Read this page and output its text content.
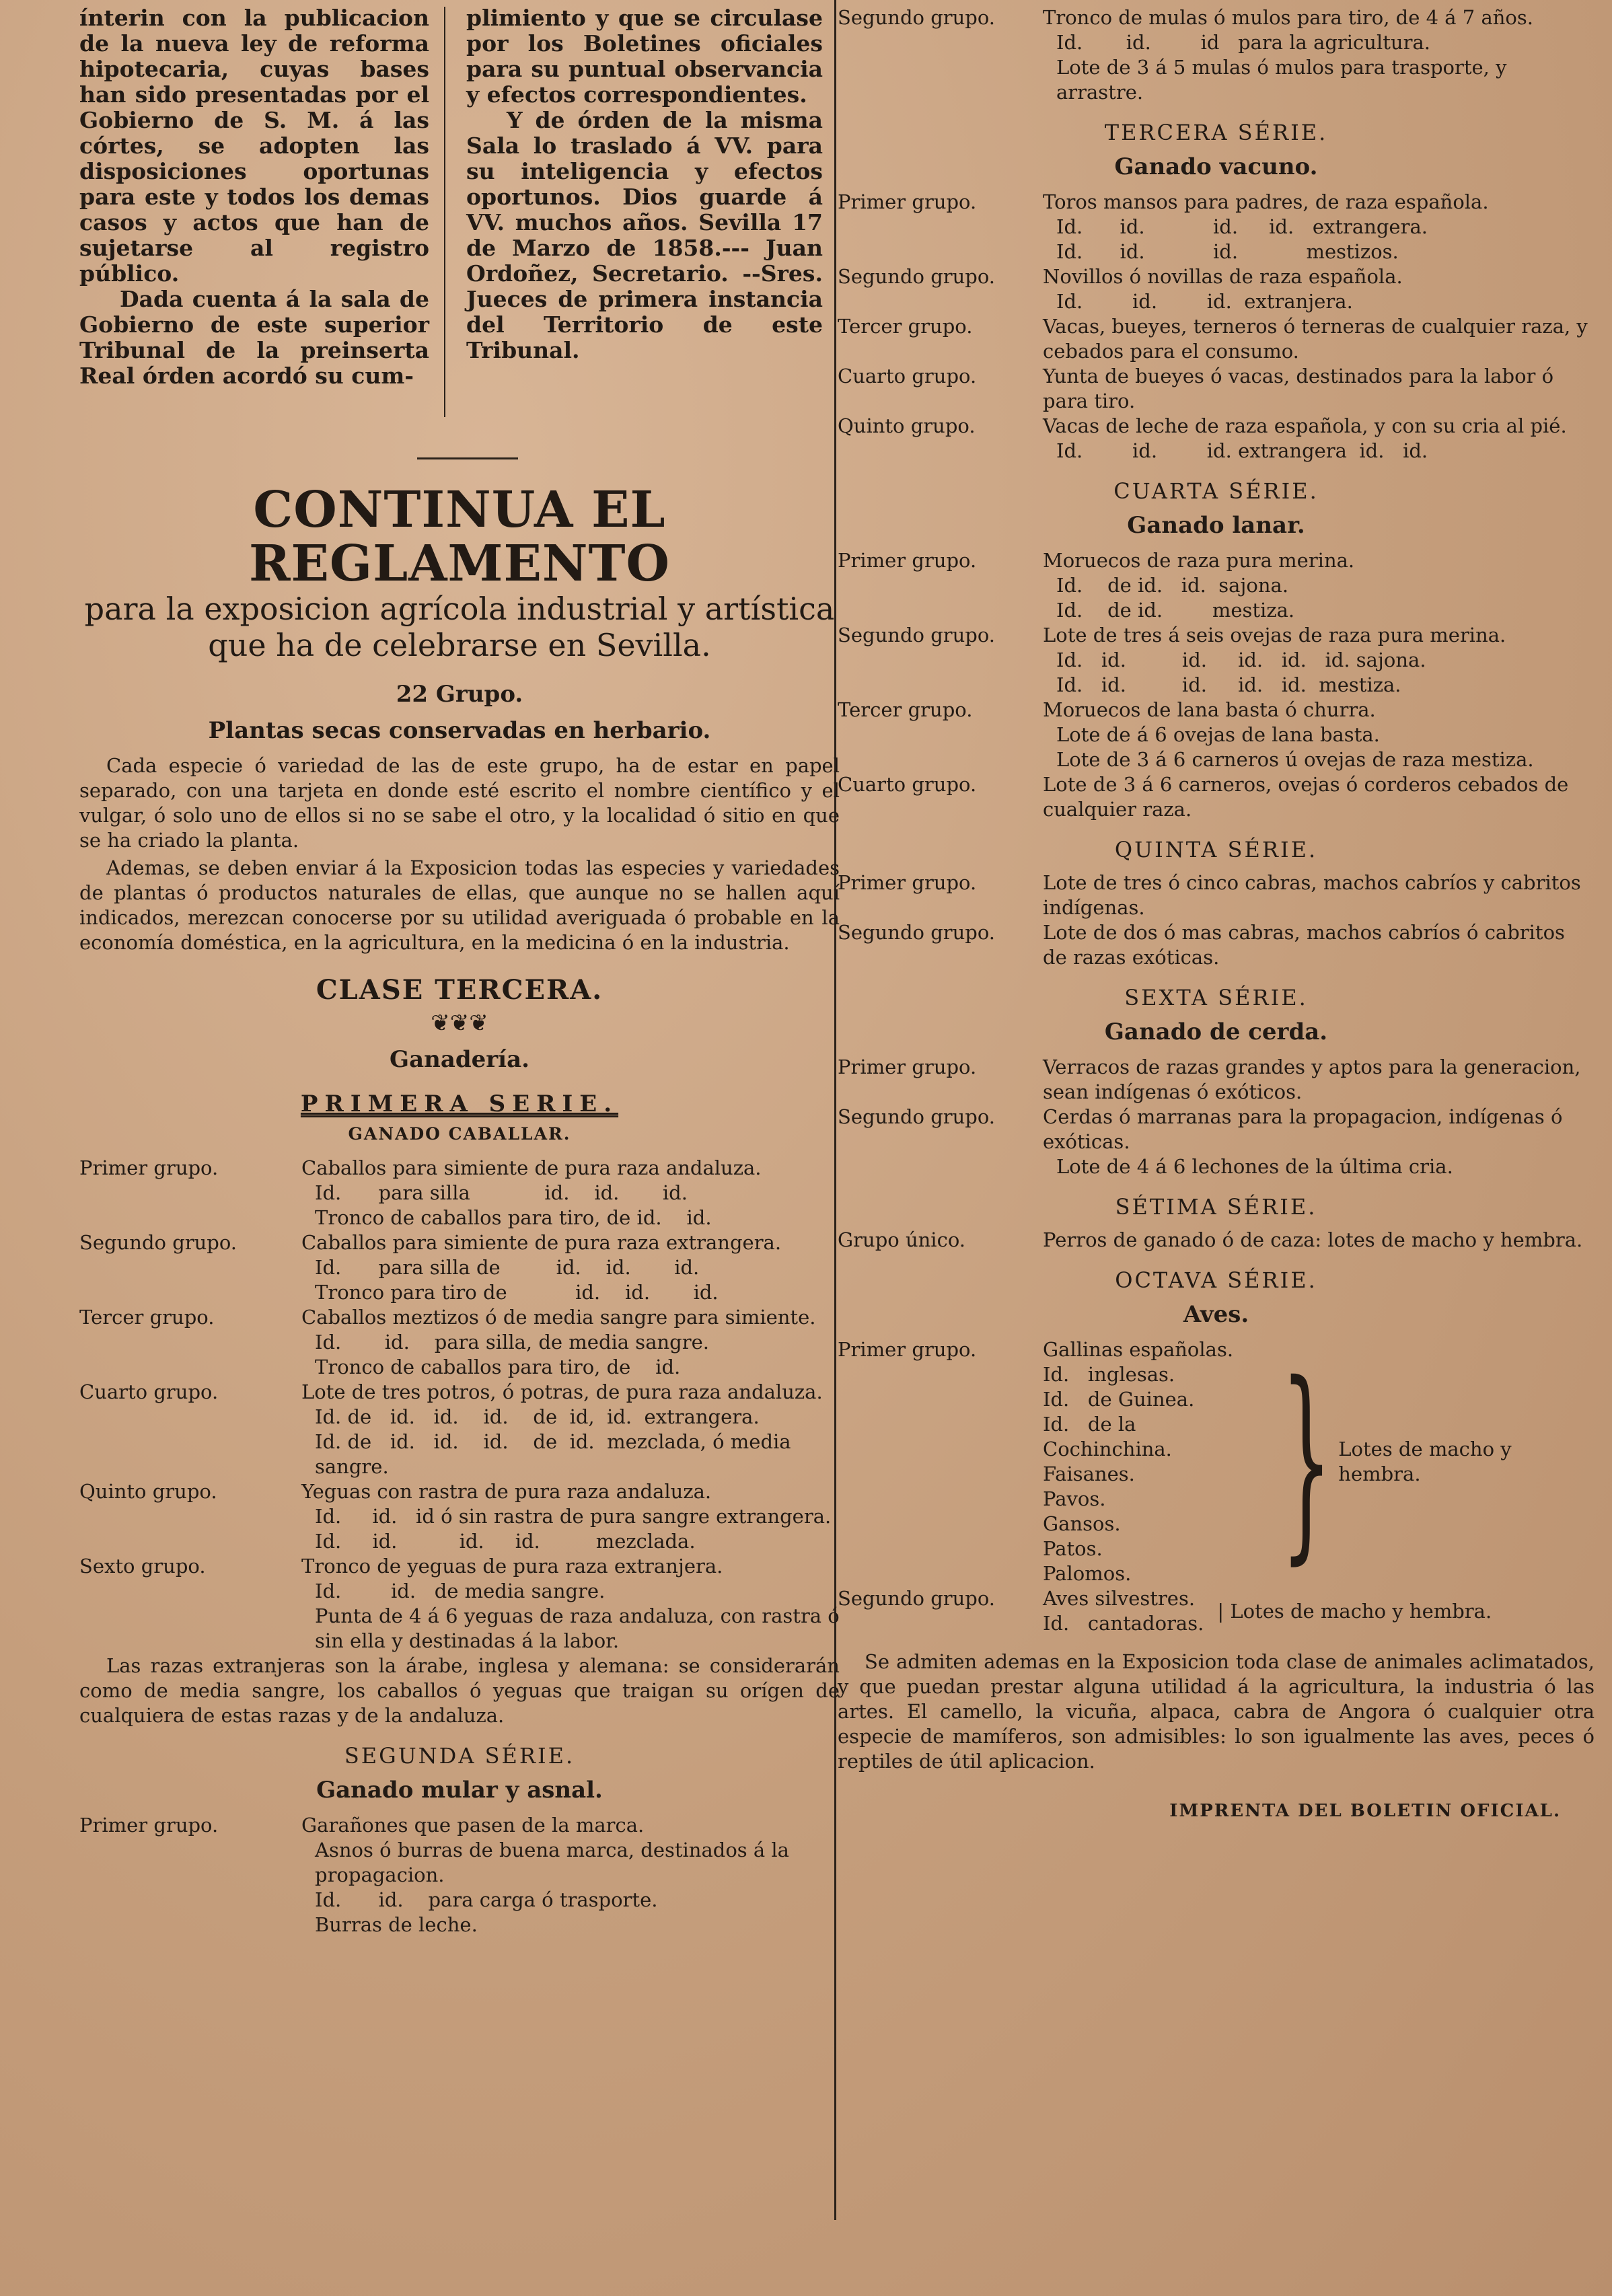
ínterin con la publicacion de la nueva ley de reforma hipotecaria, cuyas bases han sido presentadas por el Gobierno de S. M. á las córtes, se adopten las disposiciones oportunas para este y todos los demas casos y actos que han de sujetarse al registro público.

Dada cuenta á la sala de Gobierno de este superior Tribunal de la preinserta Real órden acordó su cum-

plimiento y que se circulase por los Boletines oficiales para su puntual observancia y efectos correspondientes.

Y de órden de la misma Sala lo traslado á VV. para su inteligencia y efectos oportunos. Dios guarde á VV. muchos años. Sevilla 17 de Marzo de 1858.--- Juan Ordoñez, Secretario. --Sres. Jueces de primera instancia del Territorio de este Tribunal.

CONTINUA EL REGLAMENTO
para la exposicion agrícola industrial y artística que ha de celebrarse en Sevilla.
22 Grupo.
Plantas secas conservadas en herbario.

Cada especie ó variedad de las de este grupo, ha de estar en papel separado, con una tarjeta en donde esté escrito el nombre científico y el vulgar, ó solo uno de ellos si no se sabe el otro, y la localidad ó sitio en que se ha criado la planta.

Ademas, se deben enviar á la Exposicion todas las especies y variedades de plantas ó productos naturales de ellas, que aunque no se hallen aquí indicados, merezcan conocerse por su utilidad averiguada ó probable en la economía doméstica, en la agricultura, en la medicina ó en la industria.

CLASE TERCERA.
❦❦❦
Ganadería.
PRIMERA SERIE.
GANADO CABALLAR.
Primer grupo.	Caballos para simiente de pura raza andaluza.
Id.      para silla            id.    id.       id.
Tronco de caballos para tiro, de id.    id.
Segundo grupo.	Caballos para simiente de pura raza extrangera.
Id.      para silla de         id.    id.       id.
Tronco para tiro de           id.    id.       id.
Tercer grupo.	Caballos meztizos ó de media sangre para simiente.
Id.       id.    para silla, de media sangre.
Tronco de caballos para tiro, de    id.
Cuarto grupo.	Lote de tres potros, ó potras, de pura raza andaluza.
Id. de   id.   id.    id.    de  id,  id.  extrangera.
Id. de   id.   id.    id.    de  id.  mezclada, ó media sangre.
Quinto grupo.	Yeguas con rastra de pura raza andaluza.
Id.     id.   id ó sin rastra de pura sangre extrangera.
Id.     id.          id.     id.         mezclada.
Sexto grupo.	Tronco de yeguas de pura raza extranjera.
Id.        id.   de media sangre.
Punta de 4 á 6 yeguas de raza andaluza, con rastra ó sin ella y destinadas á la labor.

Las razas extranjeras son la árabe, inglesa y alemana: se considerarán como de media sangre, los caballos ó yeguas que traigan su orígen de cualquiera de estas razas y de la andaluza.

SEGUNDA SÉRIE.
Ganado mular y asnal.
Primer grupo.	Garañones que pasen de la marca.
Asnos ó burras de buena marca, destinados á la propagacion.
Id.      id.    para carga ó trasporte.
Burras de leche.
Segundo grupo.	Tronco de mulas ó mulos para tiro, de 4 á 7 años.
Id.       id.        id   para la agricultura.
Lote de 3 á 5 mulas ó mulos para trasporte, y arrastre.
TERCERA SÉRIE.
Ganado vacuno.
Primer grupo.	Toros mansos para padres, de raza española.
Id.      id.           id.     id.   extrangera.
Id.      id.           id.           mestizos.
Segundo grupo.	Novillos ó novillas de raza española.
Id.        id.        id.  extranjera.
Tercer grupo.	Vacas, bueyes, terneros ó terneras de cualquier raza, y cebados para el consumo.
Cuarto grupo.	Yunta de bueyes ó vacas, destinados para la labor ó para tiro.
Quinto grupo.	Vacas de leche de raza española, y con su cria al pié.
Id.        id.        id. extrangera  id.   id.
CUARTA SÉRIE.
Ganado lanar.
Primer grupo.	Moruecos de raza pura merina.
Id.    de id.   id.  sajona.
Id.    de id.        mestiza.
Segundo grupo.	Lote de tres á seis ovejas de raza pura merina.
Id.   id.         id.     id.   id.   id. sajona.
Id.   id.         id.     id.   id.  mestiza.
Tercer grupo.	Moruecos de lana basta ó churra.
Lote de á 6 ovejas de lana basta.
Lote de 3 á 6 carneros ú ovejas de raza mestiza.
Cuarto grupo.	Lote de 3 á 6 carneros, ovejas ó corderos cebados de cualquier raza.
QUINTA SÉRIE.
Primer grupo.	Lote de tres ó cinco cabras, machos cabríos y cabritos indígenas.
Segundo grupo.	Lote de dos ó mas cabras, machos cabríos ó cabritos de razas exóticas.
SEXTA SÉRIE.
Ganado de cerda.
Primer grupo.	Verracos de razas grandes y aptos para la generacion, sean indígenas ó exóticos.
Segundo grupo.	Cerdas ó marranas para la propagacion, indígenas ó exóticas.
Lote de 4 á 6 lechones de la última cria.
SÉTIMA SÉRIE.
Grupo único.	Perros de ganado ó de caza: lotes de macho y hembra.
OCTAVA SÉRIE.
Aves.
Primer grupo.	Gallinas españolas.
Id.   inglesas.
Id.   de Guinea.
Id.   de la Cochinchina.
Faisanes.
Pavos.
Gansos.
Patos.
Palomos.	}
Lotes de macho y hembra.
Segundo grupo.	Aves silvestres.
Id.   cantadoras.
|
Lotes de macho y hembra.

Se admiten ademas en la Exposicion toda clase de animales aclimatados, y que puedan prestar alguna utilidad á la agricultura, la industria ó las artes. El camello, la vicuña, alpaca, cabra de Angora ó cualquier otra especie de mamíferos, son admisibles: lo son igualmente las aves, peces ó reptiles de útil aplicacion.

IMPRENTA DEL BOLETIN OFICIAL.
